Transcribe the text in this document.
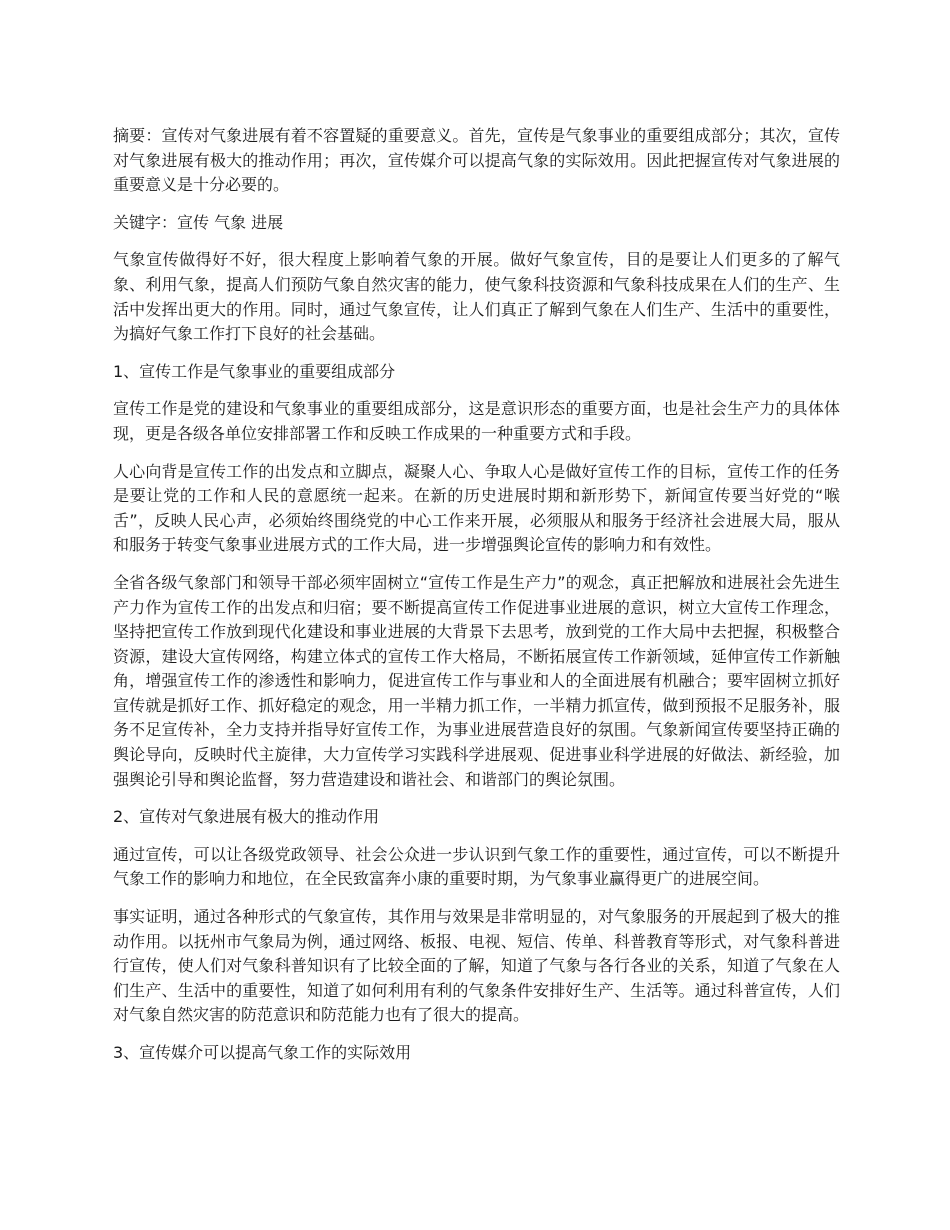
摘要：宣传对气象进展有着不容置疑的重要意义。首先，宣传是气象事业的重要组成部分；其次，宣传对气象进展有极大的推动作用；再次，宣传媒介可以提高气象的实际效用。因此把握宣传对气象进展的重要意义是十分必要的。

关键字：宣传 气象 进展

气象宣传做得好不好，很大程度上影响着气象的开展。做好气象宣传，目的是要让人们更多的了解气象、利用气象，提高人们预防气象自然灾害的能力，使气象科技资源和气象科技成果在人们的生产、生活中发挥出更大的作用。同时，通过气象宣传，让人们真正了解到气象在人们生产、生活中的重要性，为搞好气象工作打下良好的社会基础。

1、宣传工作是气象事业的重要组成部分

宣传工作是党的建设和气象事业的重要组成部分，这是意识形态的重要方面，也是社会生产力的具体体现，更是各级各单位安排部署工作和反映工作成果的一种重要方式和手段。

人心向背是宣传工作的出发点和立脚点，凝聚人心、争取人心是做好宣传工作的目标，宣传工作的任务是要让党的工作和人民的意愿统一起来。在新的历史进展时期和新形势下，新闻宣传要当好党的“喉舌”，反映人民心声，必须始终围绕党的中心工作来开展，必须服从和服务于经济社会进展大局，服从和服务于转变气象事业进展方式的工作大局，进一步增强舆论宣传的影响力和有效性。

全省各级气象部门和领导干部必须牢固树立“宣传工作是生产力”的观念，真正把解放和进展社会先进生产力作为宣传工作的出发点和归宿；要不断提高宣传工作促进事业进展的意识，树立大宣传工作理念，坚持把宣传工作放到现代化建设和事业进展的大背景下去思考，放到党的工作大局中去把握，积极整合资源，建设大宣传网络，构建立体式的宣传工作大格局，不断拓展宣传工作新领域，延伸宣传工作新触角，增强宣传工作的渗透性和影响力，促进宣传工作与事业和人的全面进展有机融合；要牢固树立抓好宣传就是抓好工作、抓好稳定的观念，用一半精力抓工作，一半精力抓宣传，做到预报不足服务补，服务不足宣传补，全力支持并指导好宣传工作，为事业进展营造良好的氛围。气象新闻宣传要坚持正确的舆论导向，反映时代主旋律，大力宣传学习实践科学进展观、促进事业科学进展的好做法、新经验，加强舆论引导和舆论监督，努力营造建设和谐社会、和谐部门的舆论氛围。

2、宣传对气象进展有极大的推动作用

通过宣传，可以让各级党政领导、社会公众进一步认识到气象工作的重要性，通过宣传，可以不断提升气象工作的影响力和地位，在全民致富奔小康的重要时期，为气象事业赢得更广的进展空间。

事实证明，通过各种形式的气象宣传，其作用与效果是非常明显的，对气象服务的开展起到了极大的推动作用。以抚州市气象局为例，通过网络、板报、电视、短信、传单、科普教育等形式，对气象科普进行宣传，使人们对气象科普知识有了比较全面的了解，知道了气象与各行各业的关系，知道了气象在人们生产、生活中的重要性，知道了如何利用有利的气象条件安排好生产、生活等。通过科普宣传，人们对气象自然灾害的防范意识和防范能力也有了很大的提高。

3、宣传媒介可以提高气象工作的实际效用
